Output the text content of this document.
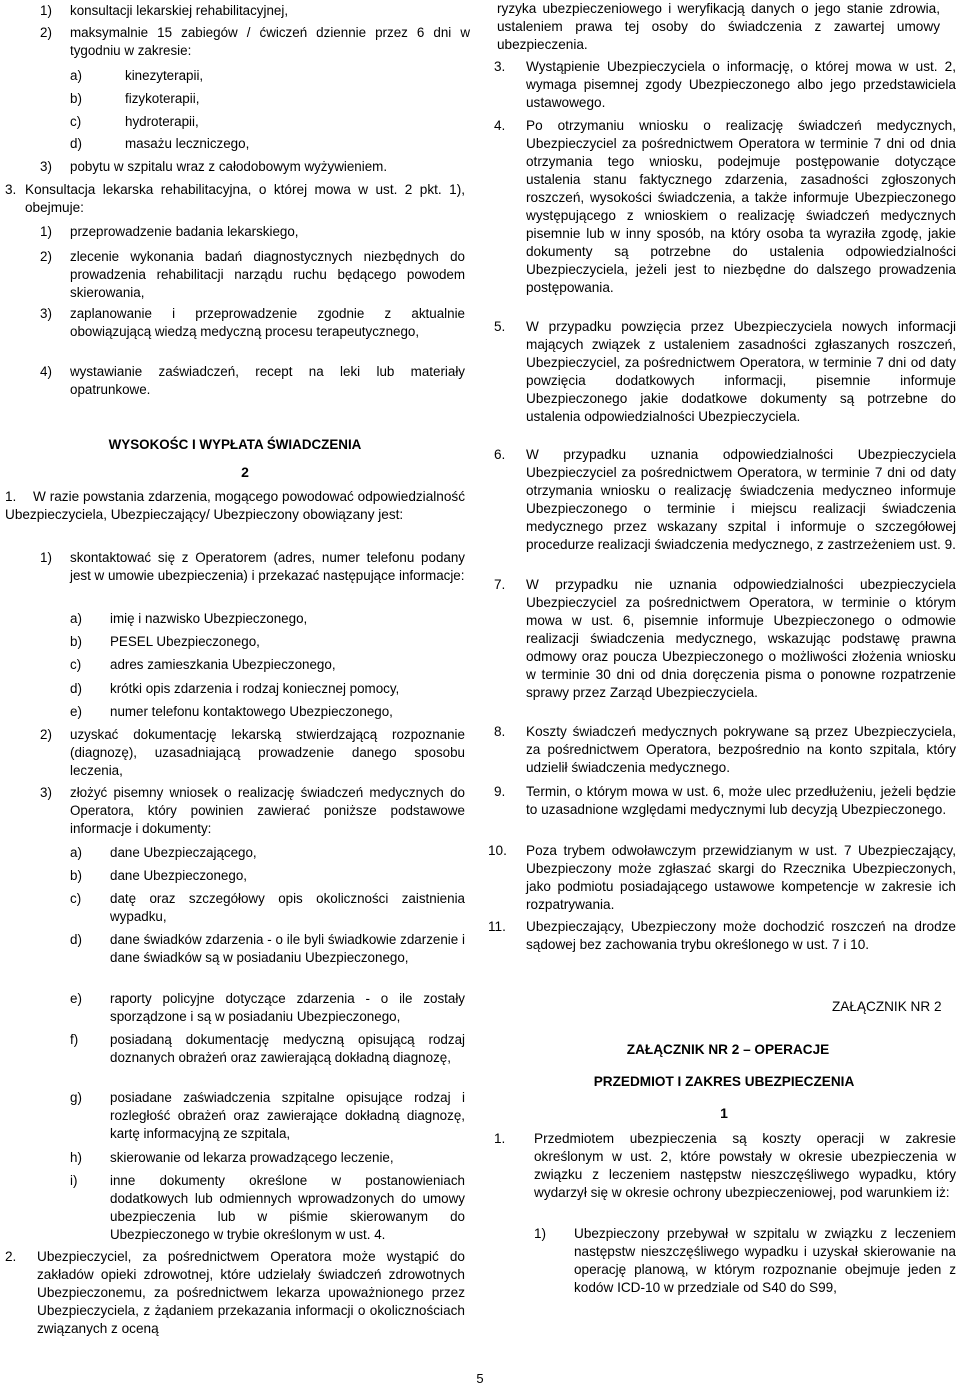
1) konsultacji lekarskiej rehabilitacyjnej,
2) maksymalnie 15 zabiegów / ćwiczeń dziennie przez 6 dni w tygodniu w zakresie:
a)	kinezyterapii,
b)	fizykoterapii,
c)	hydroterapii,
d)	masażu leczniczego,
3) pobytu w szpitalu wraz z całodobowym wyżywieniem.
3. Konsultacja lekarska rehabilitacyjna, o której mowa w ust. 2 pkt. 1), obejmuje:
1) przeprowadzenie badania lekarskiego,
2) zlecenie wykonania badań diagnostycznych niezbędnych do prowadzenia rehabilitacji narządu ruchu będącego powodem skierowania,
3) zaplanowanie i przeprowadzenie zgodnie z aktualnie obowiązującą wiedzą medyczną procesu terapeutycznego,
4) wystawianie zaświadczeń, recept na leki lub materiały opatrunkowe.
WYSOKOŚC I WYPŁATA ŚWIADCZENIA
2
1.	W razie powstania zdarzenia, mogącego powodować odpowiedzialność Ubezpieczyciela, Ubezpieczający/ Ubezpieczony obowiązany jest:
1) skontaktować się z Operatorem (adres, numer telefonu podany jest w umowie ubezpieczenia) i przekazać następujące informacje:
a) imię i nazwisko Ubezpieczonego,
b) PESEL Ubezpieczonego,
c) adres zamieszkania Ubezpieczonego,
d) krótki opis zdarzenia i rodzaj koniecznej pomocy,
e) numer telefonu kontaktowego Ubezpieczonego,
2) uzyskać dokumentację lekarską stwierdzającą rozpoznanie (diagnozę), uzasadniającą prowadzenie danego sposobu leczenia,
3) złożyć pisemny wniosek o realizację świadczeń medycznych do Operatora, który powinien zawierać poniższe podstawowe informacje i dokumenty:
a) dane Ubezpieczającego,
b) dane Ubezpieczonego,
c) datę oraz szczegółowy opis okoliczności zaistnienia wypadku,
d) dane świadków zdarzenia - o ile byli świadkowie zdarzenie i dane świadków są w posiadaniu Ubezpieczonego,
e) raporty policyjne dotyczące zdarzenia - o ile zostały sporządzone i są w posiadaniu Ubezpieczonego,
f) posiadaną dokumentację medyczną opisującą rodzaj doznanych obrażeń oraz zawierającą dokładną diagnozę,
g) posiadane zaświadczenia szpitalne opisujące rodzaj i rozległość obrażeń oraz zawierające dokładną diagnozę, kartę informacyjną ze szpitala,
h) skierowanie od lekarza prowadzącego leczenie,
i) inne dokumenty określone w postanowieniach dodatkowych lub odmiennych wprowadzonych do umowy ubezpieczenia lub w piśmie skierowanym do Ubezpieczonego w trybie określonym w ust. 4.
2. Ubezpieczyciel, za pośrednictwem Operatora może wystąpić do zakładów opieki zdrowotnej, które udzielały świadczeń zdrowotnych Ubezpieczonemu, za pośrednictwem lekarza upoważnionego przez Ubezpieczyciela, z żądaniem przekazania informacji o okolicznościach związanych z oceną
ryzyka ubezpieczeniowego i weryfikacją danych o jego stanie zdrowia, ustaleniem prawa tej osoby do świadczenia z zawartej umowy ubezpieczenia.
3. Wystąpienie Ubezpieczyciela o informację, o której mowa w ust. 2, wymaga pisemnej zgody Ubezpieczonego albo jego przedstawiciela ustawowego.
4. Po otrzymaniu wniosku o realizację świadczeń medycznych, Ubezpieczyciel za pośrednictwem Operatora w terminie 7 dni od dnia otrzymania tego wniosku, podejmuje postępowanie dotyczące ustalenia stanu faktycznego zdarzenia, zasadności zgłoszonych roszczeń, wysokości świadczenia, a także informuje Ubezpieczonego występującego z wnioskiem o realizację świadczeń medycznych pisemnie lub w inny sposób, na który osoba ta wyraziła zgodę, jakie dokumenty są potrzebne do ustalenia odpowiedzialności Ubezpieczyciela, jeżeli jest to niezbędne do dalszego prowadzenia postępowania.
5. W przypadku powzięcia przez Ubezpieczyciela nowych informacji mających związek z ustaleniem zasadności zgłaszanych roszczeń, Ubezpieczyciel, za pośrednictwem Operatora, w terminie 7 dni od daty powzięcia dodatkowych informacji, pisemnie informuje Ubezpieczonego jakie dodatkowe dokumenty są potrzebne do ustalenia odpowiedzialności Ubezpieczyciela.
6. W przypadku uznania odpowiedzialności Ubezpieczyciela Ubezpieczyciel za pośrednictwem Operatora, w terminie 7 dni od daty otrzymania wniosku o realizację świadczenia medyczneo informuje Ubezpieczonego o terminie i miejscu realizacji świadczenia medycznego przez wskazany szpital i informuje o szczegółowej procedurze realizacji świadczenia medycznego, z zastrzeżeniem ust. 9.
7. W przypadku nie uznania odpowiedzialności ubezpieczyciela Ubezpieczyciel za pośrednictwem Operatora, w terminie o którym mowa w ust. 6, pisemnie informuje Ubezpieczonego o odmowie realizacji świadczenia medycznego, wskazując podstawę prawna odmowy oraz poucza Ubezpieczonego o możliwości złożenia wniosku w terminie 30 dni od dnia doręczenia pisma o ponowne rozpatrzenie sprawy przez Zarząd Ubezpieczyciela.
8. Koszty świadczeń medycznych pokrywane są przez Ubezpieczyciela, za pośrednictwem Operatora, bezpośrednio na konto szpitala, który udzielił świadczenia medycznego.
9. Termin, o którym mowa w ust. 6, może ulec przedłużeniu, jeżeli będzie to uzasadnione względami medycznymi lub decyzją Ubezpieczonego.
10. Poza trybem odwoławczym przewidzianym w ust. 7 Ubezpieczający, Ubezpieczony może zgłaszać skargi do Rzecznika Ubezpieczonych, jako podmiotu posiadającego ustawowe kompetencje w zakresie ich rozpatrywania.
11. Ubezpieczający, Ubezpieczony może dochodzić roszczeń na drodze sądowej bez zachowania trybu określonego w ust. 7 i 10.
ZAŁĄCZNIK NR 2
ZAŁĄCZNIK NR 2 – OPERACJE
PRZEDMIOT I ZAKRES UBEZPIECZENIA
1
1. Przedmiotem ubezpieczenia są koszty operacji w zakresie określonym w ust. 2, które powstały w okresie ubezpieczenia w związku z leczeniem następstw nieszczęśliwego wypadku, który wydarzył się w okresie ochrony ubezpieczeniowej, pod warunkiem iż:
1) Ubezpieczony przebywał w szpitalu w związku z leczeniem następstw nieszczęśliwego wypadku i uzyskał skierowanie na operację planową, w którym rozpoznanie obejmuje jeden z kodów ICD-10 w przedziale od S40 do S99,
5
